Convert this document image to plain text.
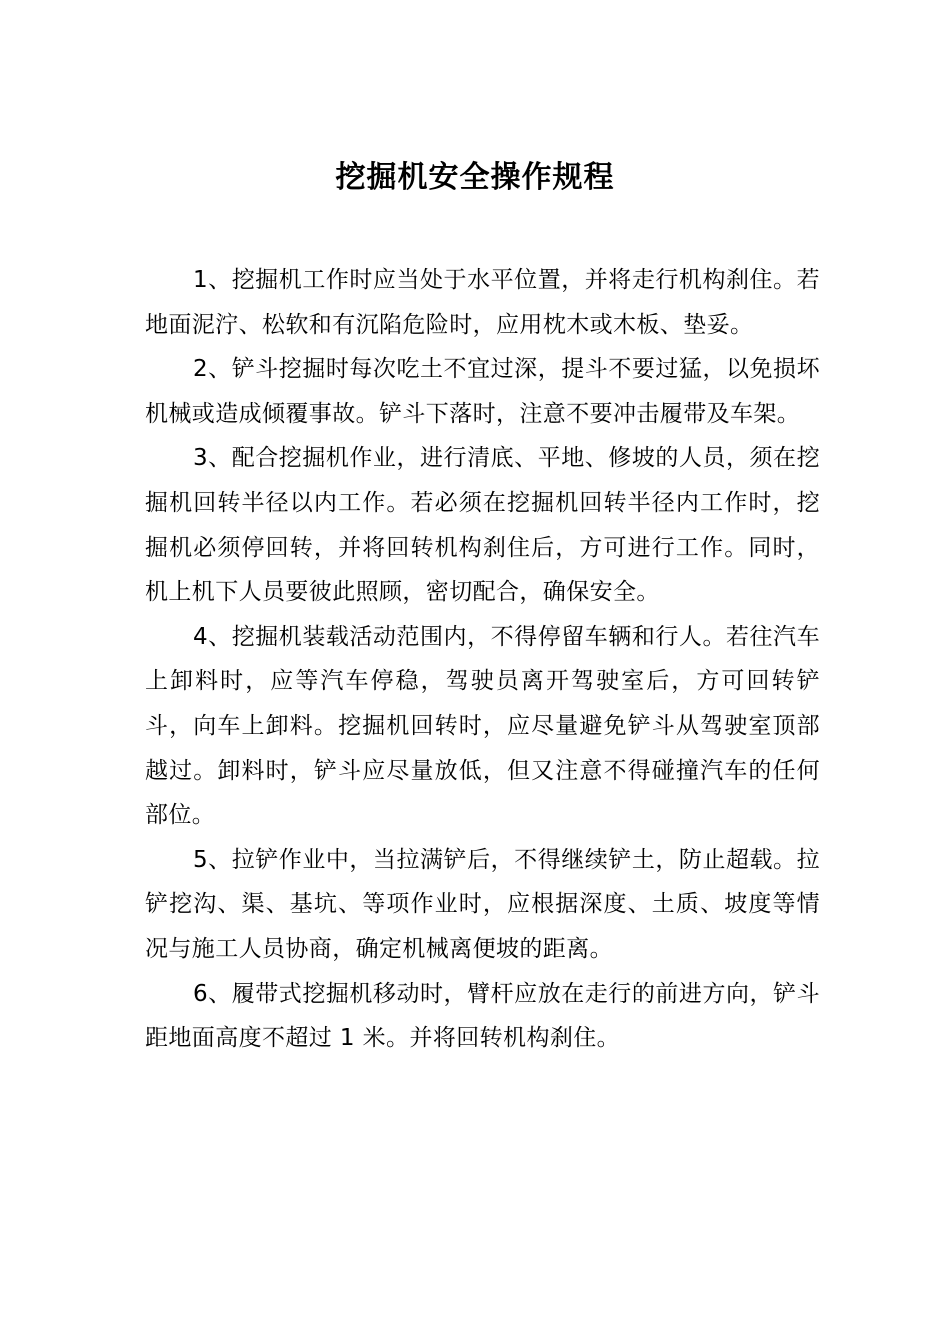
挖掘机安全操作规程

1、挖掘机工作时应当处于水平位置，并将走行机构刹住。若地面泥泞、松软和有沉陷危险时，应用枕木或木板、垫妥。

2、铲斗挖掘时每次吃土不宜过深，提斗不要过猛，以免损坏机械或造成倾覆事故。铲斗下落时，注意不要冲击履带及车架。

3、配合挖掘机作业，进行清底、平地、修坡的人员，须在挖掘机回转半径以内工作。若必须在挖掘机回转半径内工作时，挖掘机必须停回转，并将回转机构刹住后，方可进行工作。同时，机上机下人员要彼此照顾，密切配合，确保安全。

4、挖掘机装载活动范围内，不得停留车辆和行人。若往汽车上卸料时，应等汽车停稳，驾驶员离开驾驶室后，方可回转铲斗，向车上卸料。挖掘机回转时，应尽量避免铲斗从驾驶室顶部越过。卸料时，铲斗应尽量放低，但又注意不得碰撞汽车的任何部位。

5、拉铲作业中，当拉满铲后，不得继续铲土，防止超载。拉铲挖沟、渠、基坑、等项作业时，应根据深度、土质、坡度等情况与施工人员协商，确定机械离便坡的距离。

6、履带式挖掘机移动时，臂杆应放在走行的前进方向，铲斗距地面高度不超过 1 米。并将回转机构刹住。
